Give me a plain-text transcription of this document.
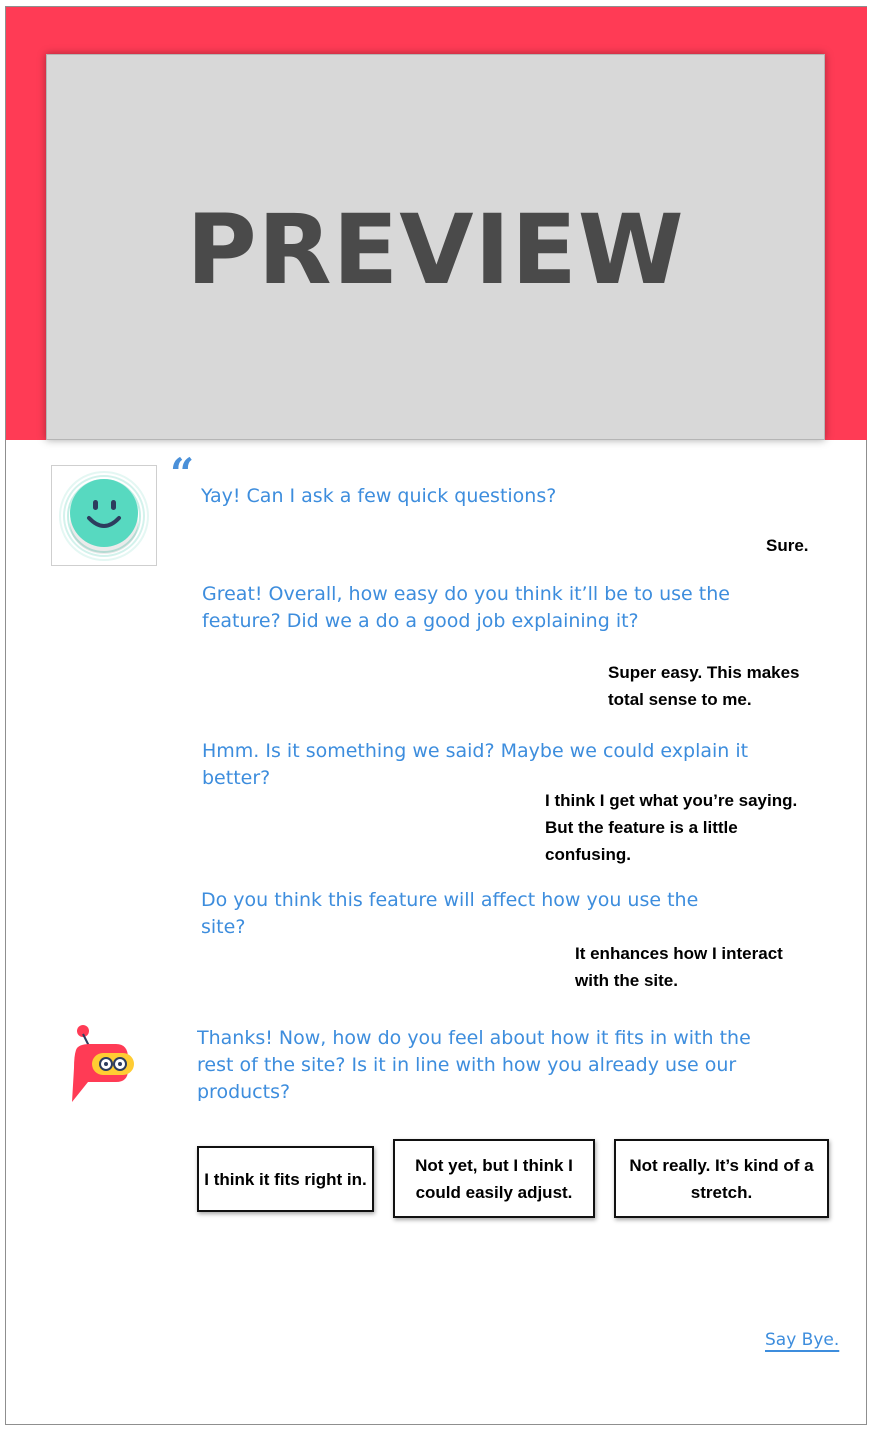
PREVIEW
“ Yay! Can I ask a few quick questions?
Sure.
Great! Overall, how easy do you think it’ll be to use the feature? Did we a do a good job explaining it?
Super easy. This makes total sense to me.
Hmm. Is it something we said? Maybe we could explain it better?
I think I get what you’re saying. But the feature is a little confusing.
Do you think this feature will affect how you use the site?
It enhances how I interact with the site.
Thanks! Now, how do you feel about how it fits in with the rest of the site? Is it in line with how you already use our products?
I think it fits right in.
Not yet, but I think I could easily adjust.
Not really. It’s kind of a stretch.
Say Bye.
